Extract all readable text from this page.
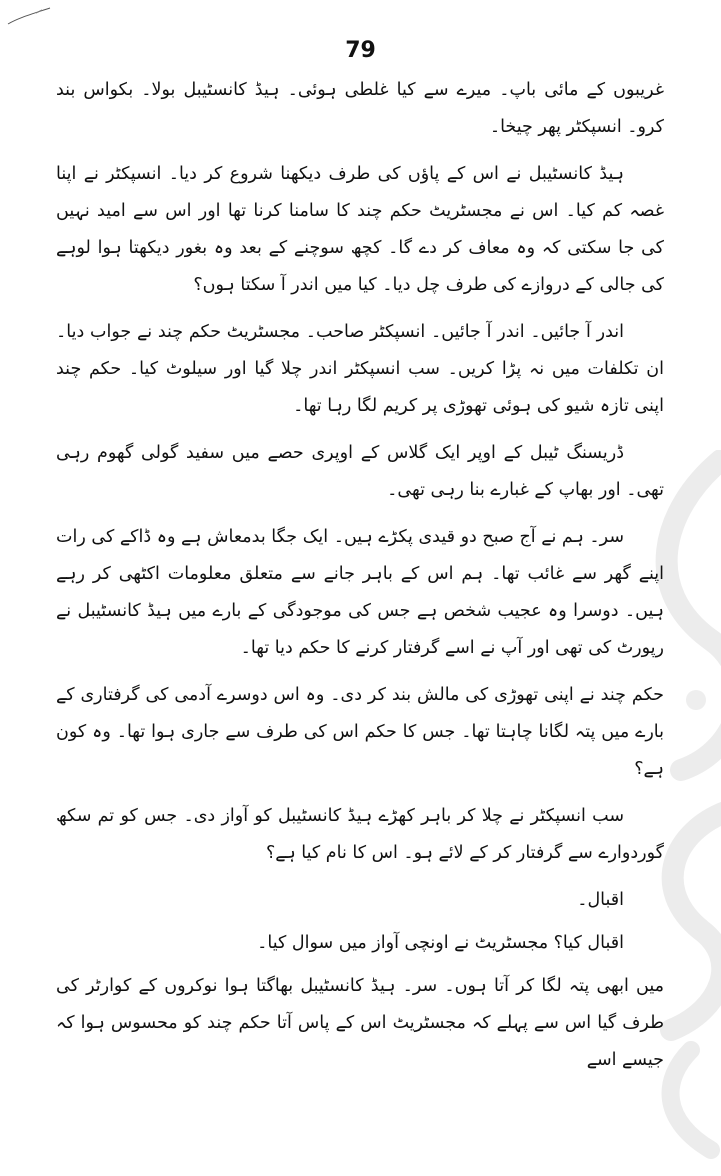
79

غریبوں کے مائی باپ۔ میرے سے کیا غلطی ہوئی۔ ہیڈ کانسٹیبل بولا۔ بکواس بند کرو۔ انسپکٹر پھر چیخا۔

ہیڈ کانسٹیبل نے اس کے پاؤں کی طرف دیکھنا شروع کر دیا۔ انسپکٹر نے اپنا غصہ کم کیا۔ اس نے مجسٹریٹ حکم چند کا سامنا کرنا تھا اور اس سے امید نہیں کی جا سکتی کہ وہ معاف کر دے گا۔ کچھ سوچنے کے بعد وہ بغور دیکھتا ہوا لوہے کی جالی کے دروازے کی طرف چل دیا۔ کیا میں اندر آ سکتا ہوں؟

اندر آ جائیں۔ اندر آ جائیں۔ انسپکٹر صاحب۔ مجسٹریٹ حکم چند نے جواب دیا۔ ان تکلفات میں نہ پڑا کریں۔ سب انسپکٹر اندر چلا گیا اور سیلوٹ کیا۔ حکم چند اپنی تازہ شیو کی ہوئی تھوڑی پر کریم لگا رہا تھا۔

ڈریسنگ ٹیبل کے اوپر ایک گلاس کے اوپری حصے میں سفید گولی گھوم رہی تھی۔ اور بھاپ کے غبارے بنا رہی تھی۔

سر۔ ہم نے آج صبح دو قیدی پکڑے ہیں۔ ایک جگا بدمعاش ہے وہ ڈاکے کی رات اپنے گھر سے غائب تھا۔ ہم اس کے باہر جانے سے متعلق معلومات اکٹھی کر رہے ہیں۔ دوسرا وہ عجیب شخص ہے جس کی موجودگی کے بارے میں ہیڈ کانسٹیبل نے رپورٹ کی تھی اور آپ نے اسے گرفتار کرنے کا حکم دیا تھا۔

حکم چند نے اپنی تھوڑی کی مالش بند کر دی۔ وہ اس دوسرے آدمی کی گرفتاری کے بارے میں پتہ لگانا چاہتا تھا۔ جس کا حکم اس کی طرف سے جاری ہوا تھا۔ وہ کون ہے؟

سب انسپکٹر نے چلا کر باہر کھڑے ہیڈ کانسٹیبل کو آواز دی۔ جس کو تم سکھ گوردوارے سے گرفتار کر کے لائے ہو۔ اس کا نام کیا ہے؟

اقبال۔

اقبال کیا؟ مجسٹریٹ نے اونچی آواز میں سوال کیا۔

میں ابھی پتہ لگا کر آتا ہوں۔ سر۔ ہیڈ کانسٹیبل بھاگتا ہوا نوکروں کے کوارٹر کی طرف گیا اس سے پہلے کہ مجسٹریٹ اس کے پاس آتا حکم چند کو محسوس ہوا کہ جیسے اسے
